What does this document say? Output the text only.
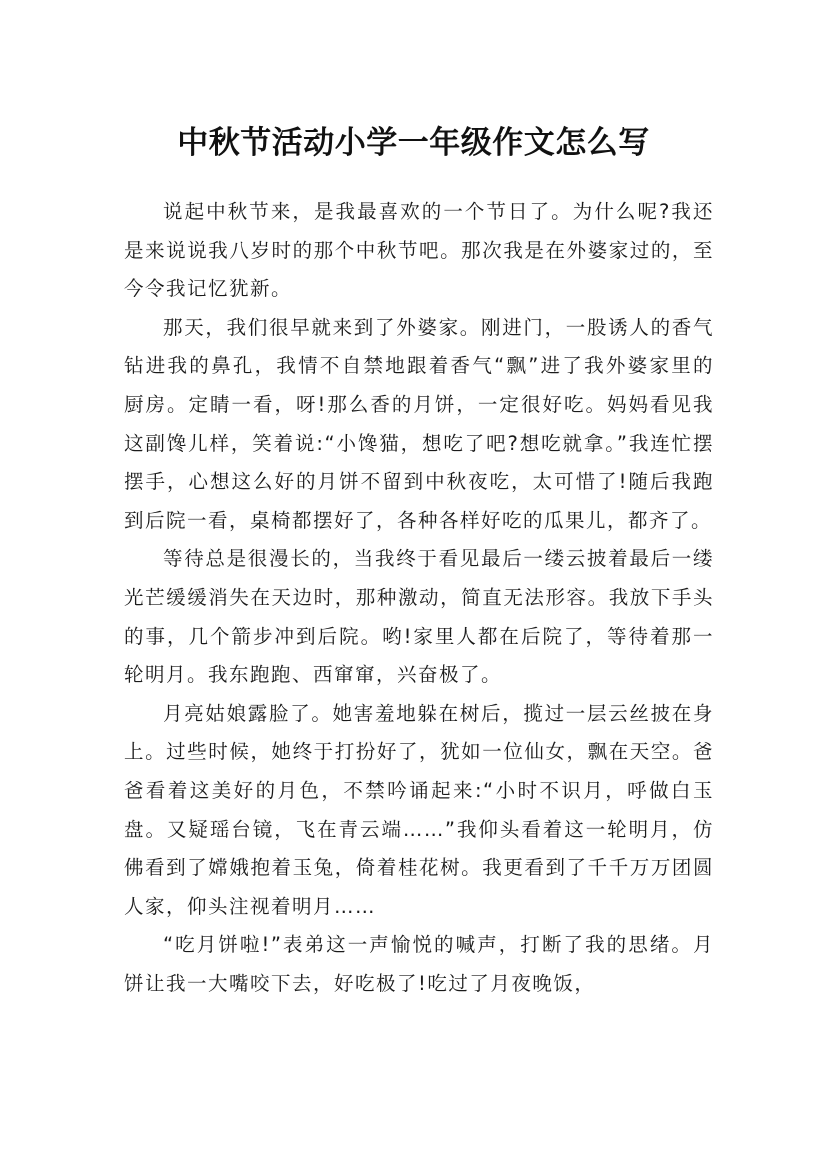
中秋节活动小学一年级作文怎么写

说起中秋节来，是我最喜欢的一个节日了。为什么呢?我还是来说说我八岁时的那个中秋节吧。那次我是在外婆家过的，至今令我记忆犹新。

那天，我们很早就来到了外婆家。刚进门，一股诱人的香气钻进我的鼻孔，我情不自禁地跟着香气“飘”进了我外婆家里的厨房。定睛一看，呀!那么香的月饼，一定很好吃。妈妈看见我这副馋儿样，笑着说:“小馋猫，想吃了吧?想吃就拿。”我连忙摆摆手，心想这么好的月饼不留到中秋夜吃，太可惜了!随后我跑到后院一看，桌椅都摆好了，各种各样好吃的瓜果儿，都齐了。

等待总是很漫长的，当我终于看见最后一缕云披着最后一缕光芒缓缓消失在天边时，那种激动，简直无法形容。我放下手头的事，几个箭步冲到后院。哟!家里人都在后院了，等待着那一轮明月。我东跑跑、西窜窜，兴奋极了。

月亮姑娘露脸了。她害羞地躲在树后，揽过一层云丝披在身上。过些时候，她终于打扮好了，犹如一位仙女，飘在天空。爸爸看着这美好的月色，不禁吟诵起来:“小时不识月，呼做白玉盘。又疑瑶台镜，飞在青云端……”我仰头看着这一轮明月，仿佛看到了嫦娥抱着玉兔，倚着桂花树。我更看到了千千万万团圆人家，仰头注视着明月……

“吃月饼啦!”表弟这一声愉悦的喊声，打断了我的思绪。月饼让我一大嘴咬下去，好吃极了!吃过了月夜晚饭，
